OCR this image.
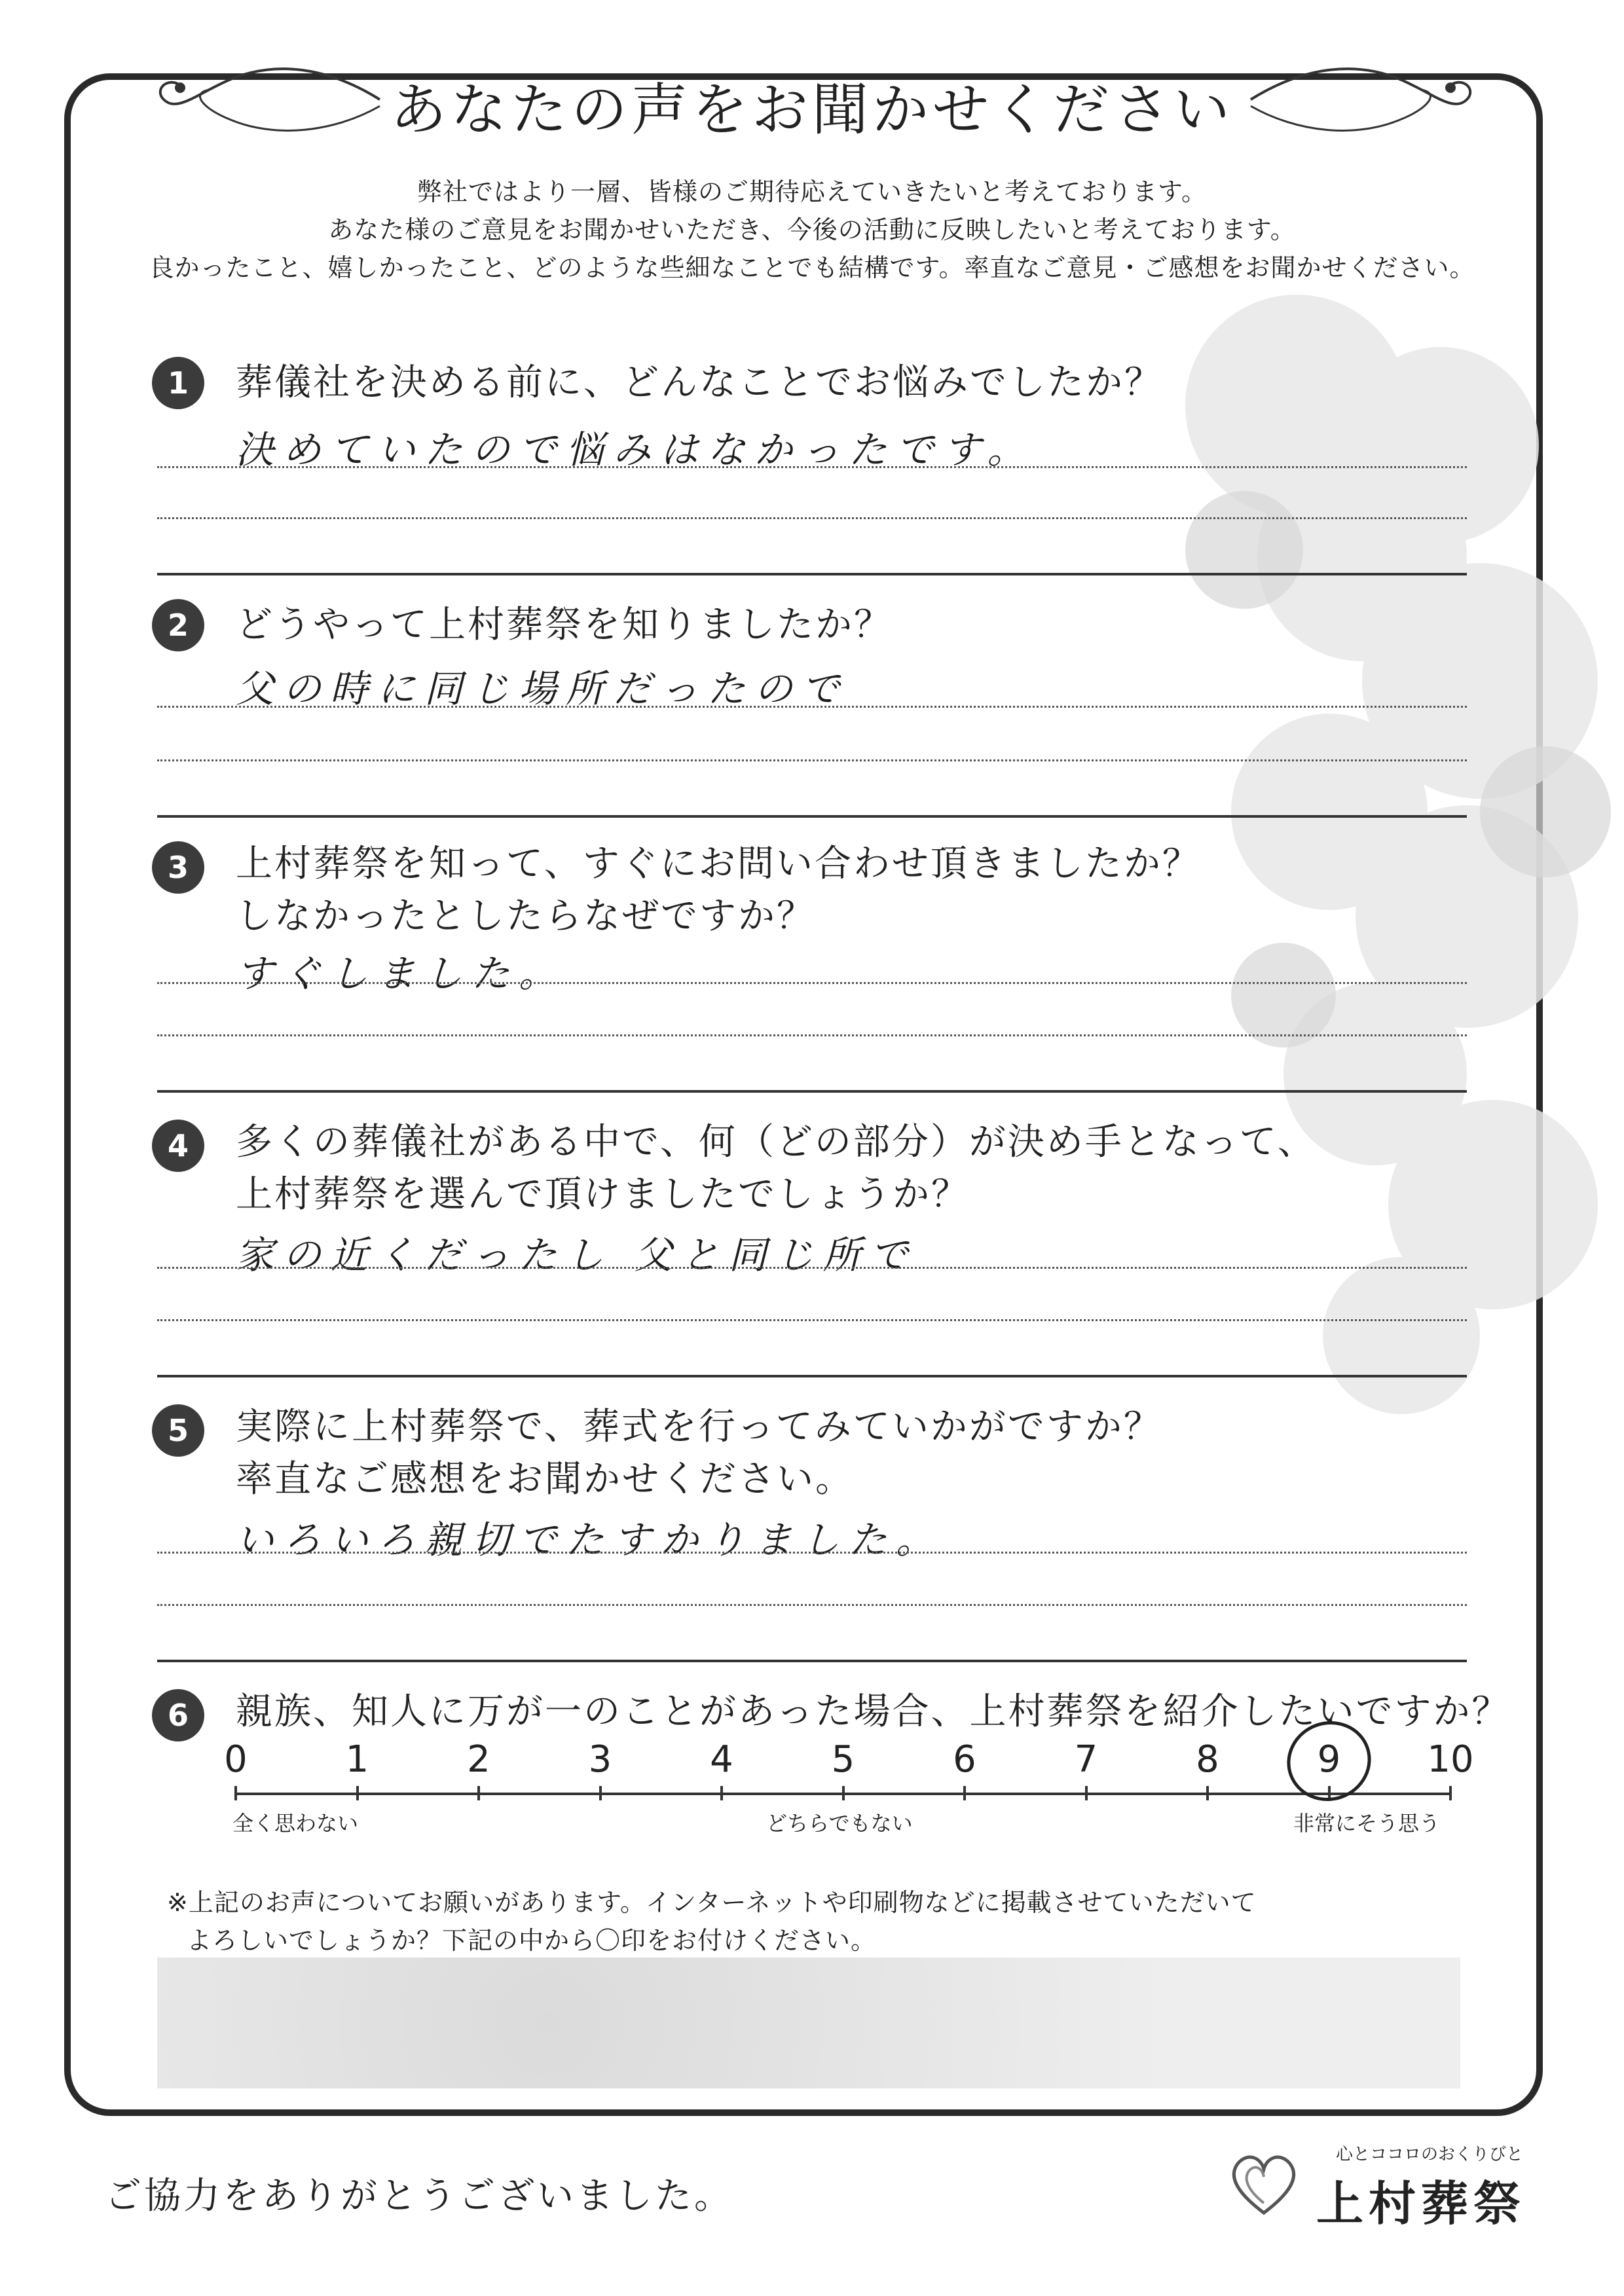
あなたの声をお聞かせください
弊社ではより一層、皆様のご期待応えていきたいと考えております。
あなた様のご意見をお聞かせいただき、今後の活動に反映したいと考えております。
良かったこと、嬉しかったこと、どのような些細なことでも結構です。率直なご意見・ご感想をお聞かせください。
1	葬儀社を決める前に、どんなことでお悩みでしたか？
決めていたので悩みはなかったです。
2	どうやって上村葬祭を知りましたか？
父の時に同じ場所だったので
3	上村葬祭を知って、すぐにお問い合わせ頂きましたか？
しなかったとしたらなぜですか？
すぐしました。
4	多くの葬儀社がある中で、何（どの部分）が決め手となって、
上村葬祭を選んで頂けましたでしょうか？
家の近くだったし 父と同じ所で
5	実際に上村葬祭で、葬式を行ってみていかがですか？
率直なご感想をお聞かせください。
いろいろ親切でたすかりました。
6	親族、知人に万が一のことがあった場合、上村葬祭を紹介したいですか？
0	1	2	3	4	5	6	7	8	9	10
全く思わない	どちらでもない	非常にそう思う
※上記のお声についてお願いがあります。インターネットや印刷物などに掲載させていただいて
よろしいでしょうか？下記の中から〇印をお付けください。
ご協力をありがとうございました。
心とココロのおくりびと
上村葬祭
